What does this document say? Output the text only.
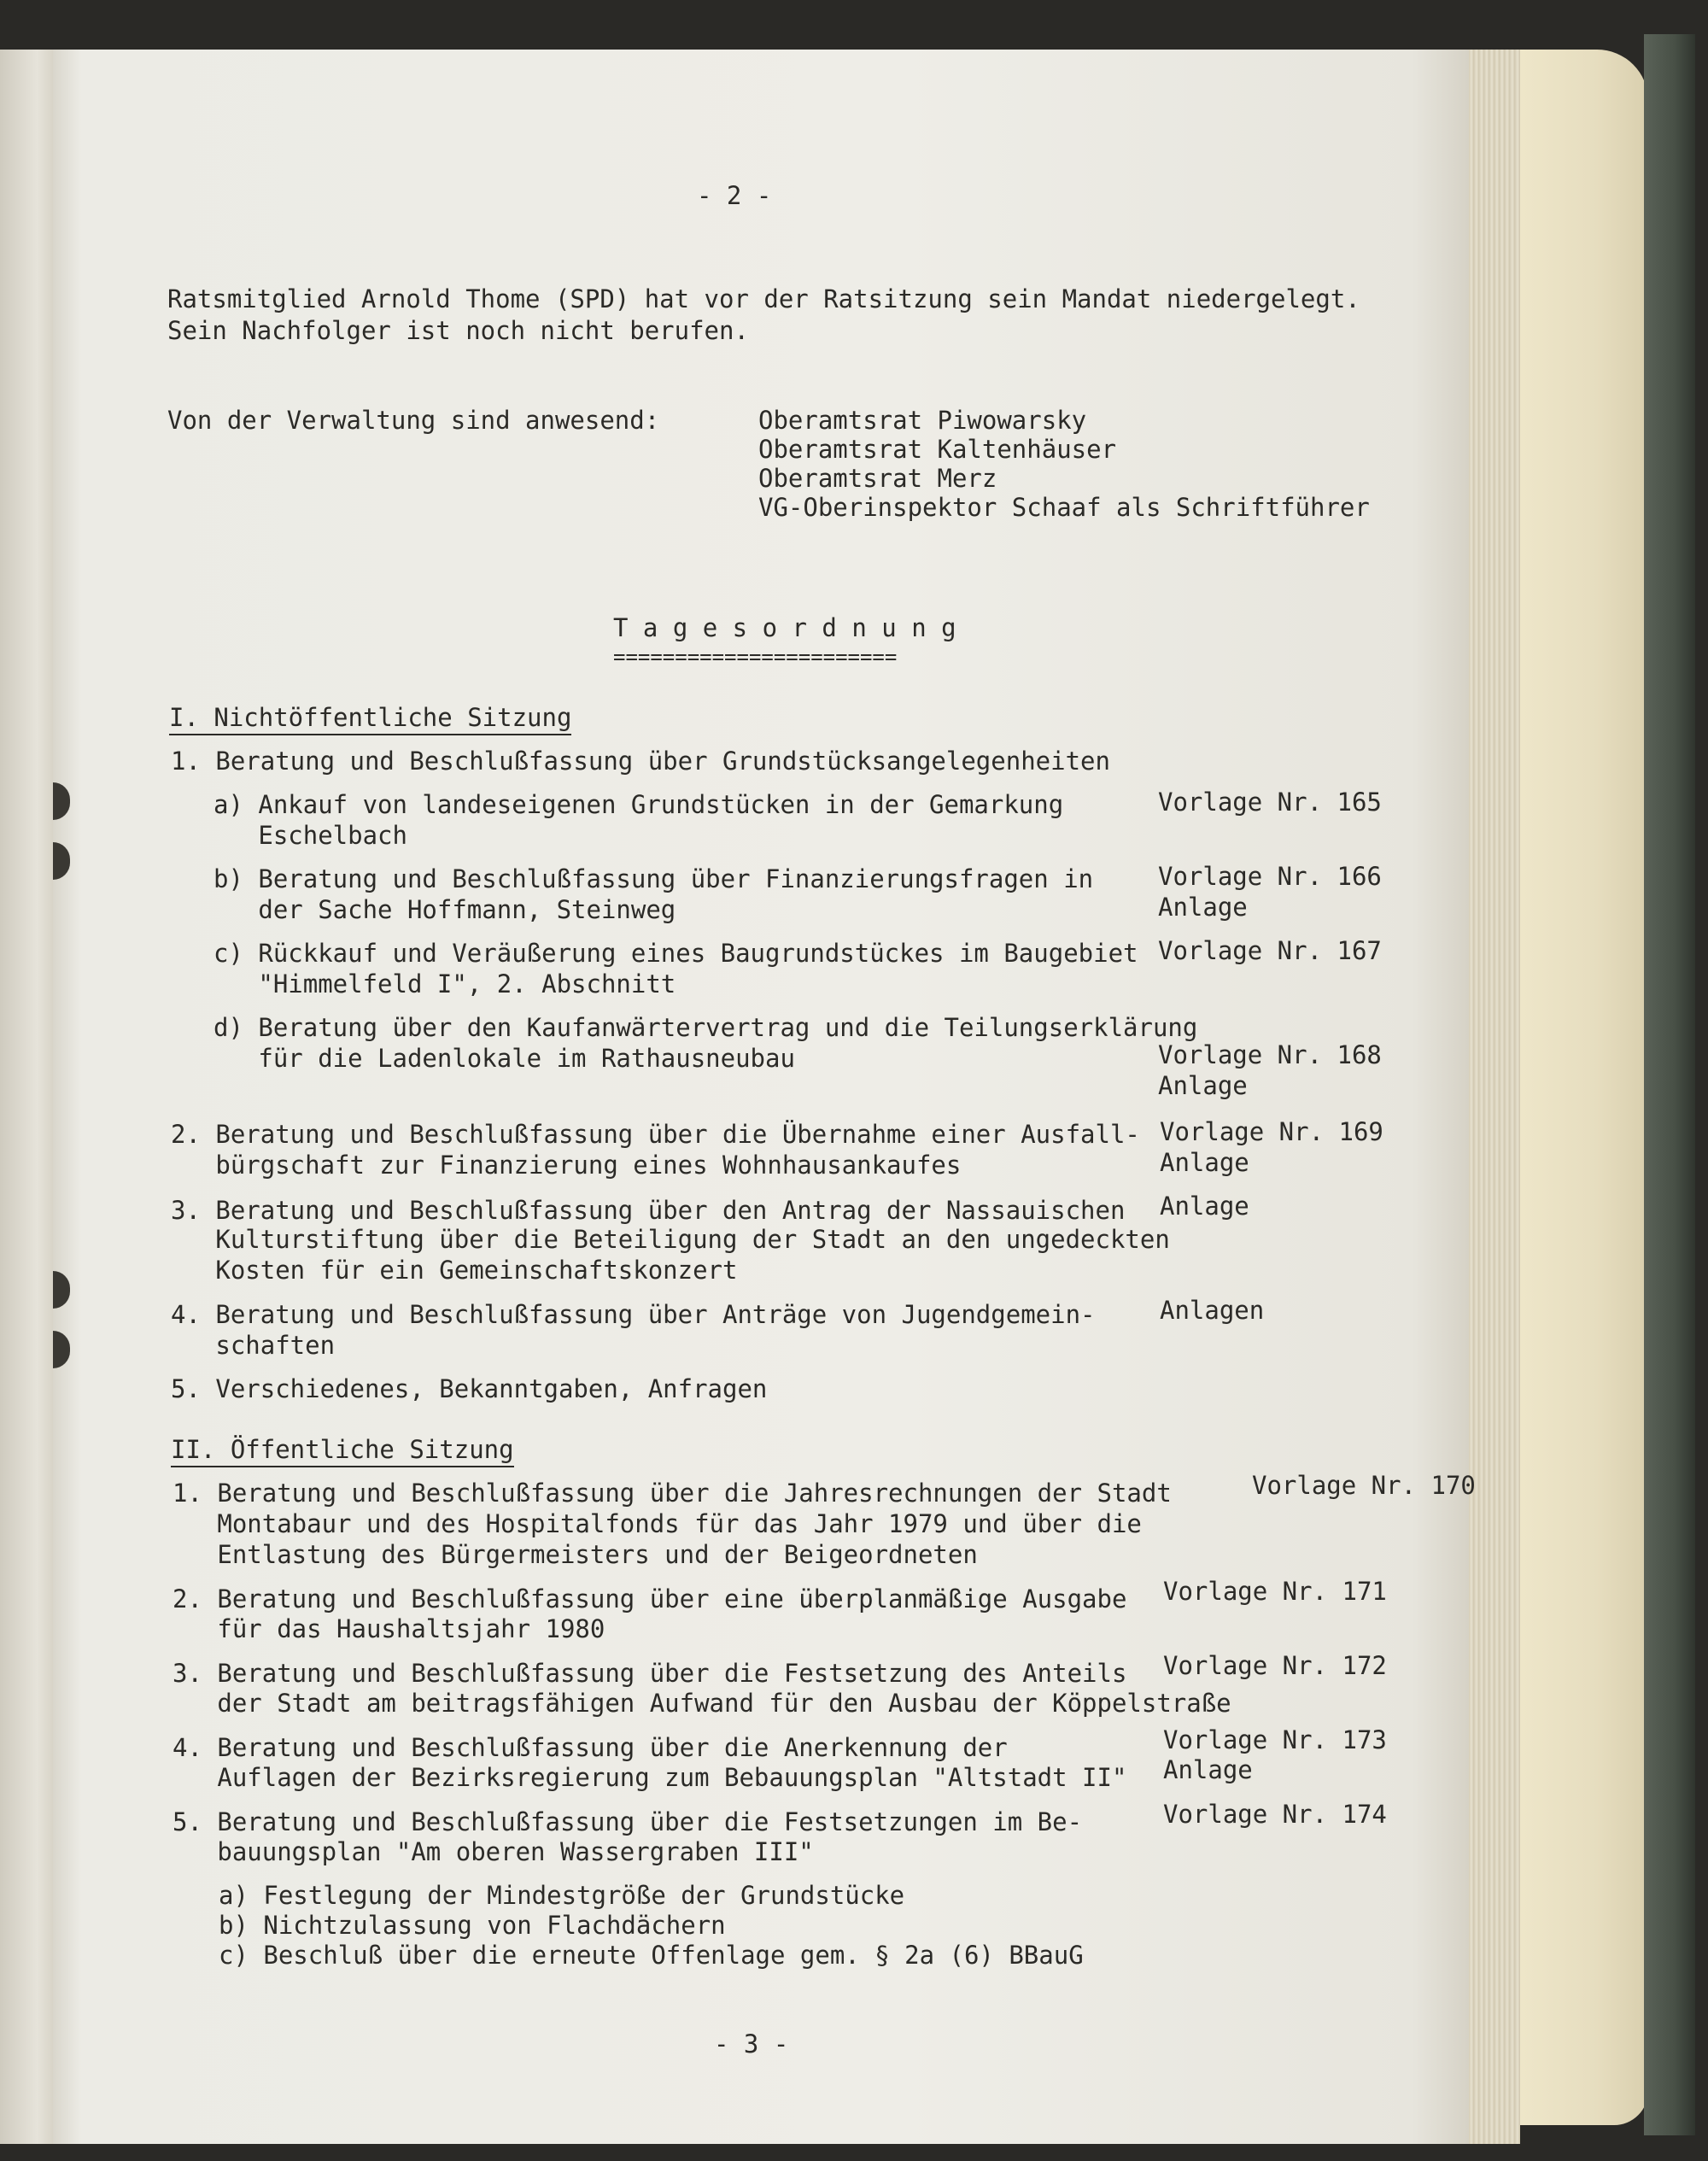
- 2 -
Ratsmitglied Arnold Thome (SPD) hat vor der Ratsitzung sein Mandat niedergelegt.
Sein Nachfolger ist noch nicht berufen.
Von der Verwaltung sind anwesend:	Oberamtsrat Piwowarsky
Oberamtsrat Kaltenhäuser
Oberamtsrat Merz
VG-Oberinspektor Schaaf als Schriftführer
T a g e s o r d n u n g
=======================
I. Nichtöffentliche Sitzung
1. Beratung und Beschlußfassung über Grundstücksangelegenheiten
a) Ankauf von landeseigenen Grundstücken in der Gemarkung
Eschelbach
Vorlage Nr. 165
b) Beratung und Beschlußfassung über Finanzierungsfragen in
der Sache Hoffmann, Steinweg
Vorlage Nr. 166
Anlage
c) Rückkauf und Veräußerung eines Baugrundstückes im Baugebiet
"Himmelfeld I", 2. Abschnitt
Vorlage Nr. 167
d) Beratung über den Kaufanwärtervertrag und die Teilungserklärung
für die Ladenlokale im Rathausneubau	Vorlage Nr. 168
Anlage
2. Beratung und Beschlußfassung über die Übernahme einer Ausfall-
bürgschaft zur Finanzierung eines Wohnhausankaufes
Vorlage Nr. 169
Anlage
3. Beratung und Beschlußfassung über den Antrag der Nassauischen
Kulturstiftung über die Beteiligung der Stadt an den ungedeckten
Kosten für ein Gemeinschaftskonzert
Anlage
4. Beratung und Beschlußfassung über Anträge von Jugendgemein-
schaften
Anlagen
5. Verschiedenes, Bekanntgaben, Anfragen
II. Öffentliche Sitzung
1. Beratung und Beschlußfassung über die Jahresrechnungen der Stadt
Montabaur und des Hospitalfonds für das Jahr 1979 und über die
Entlastung des Bürgermeisters und der Beigeordneten
Vorlage Nr. 170
2. Beratung und Beschlußfassung über eine überplanmäßige Ausgabe
für das Haushaltsjahr 1980
Vorlage Nr. 171
3. Beratung und Beschlußfassung über die Festsetzung des Anteils
der Stadt am beitragsfähigen Aufwand für den Ausbau der Köppelstraße
Vorlage Nr. 172
4. Beratung und Beschlußfassung über die Anerkennung der
Auflagen der Bezirksregierung zum Bebauungsplan "Altstadt II"
Vorlage Nr. 173
Anlage
5. Beratung und Beschlußfassung über die Festsetzungen im Be-
bauungsplan "Am oberen Wassergraben III"
Vorlage Nr. 174
a) Festlegung der Mindestgröße der Grundstücke
b) Nichtzulassung von Flachdächern
c) Beschluß über die erneute Offenlage gem. § 2a (6) BBauG
- 3 -
